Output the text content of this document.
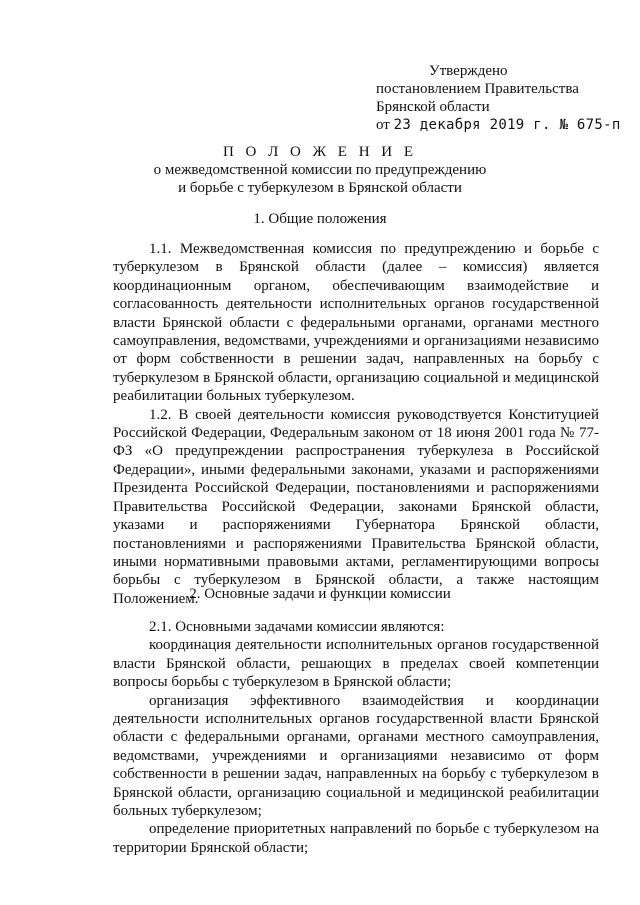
Утверждено
постановлением Правительства
Брянской области
от 23 декабря 2019 г. № 675-п
П О Л О Ж Е Н И Е
о межведомственной комиссии по предупреждению
и борьбе с туберкулезом в Брянской области
1. Общие положения

1.1. Межведомственная комиссия по предупреждению и борьбе с туберкулезом в Брянской области (далее – комиссия) является координационным органом, обеспечивающим взаимодействие и согласованность деятельности исполнительных органов государственной власти Брянской области с федеральными органами, органами местного самоуправления, ведомствами, учреждениями и организациями независимо от форм собственности в решении задач, направленных на борьбу с туберкулезом в Брянской области, организацию социальной и медицинской реабилитации больных туберкулезом.

1.2. В своей деятельности комиссия руководствуется Конституцией Российской Федерации, Федеральным законом от 18 июня 2001 года № 77-ФЗ «О предупреждении распространения туберкулеза в Российской Федерации», иными федеральными законами, указами и распоряжениями Президента Российской Федерации, постановлениями и распоряжениями Правительства Российской Федерации, законами Брянской области, указами и распоряжениями Губернатора Брянской области, постановлениями и распоряжениями Правительства Брянской области, иными нормативными правовыми актами, регламентирующими вопросы борьбы с туберкулезом в Брянской области, а также настоящим Положением.

2. Основные задачи и функции комиссии

2.1. Основными задачами комиссии являются:

координация деятельности исполнительных органов государственной власти Брянской области, решающих в пределах своей компетенции вопросы борьбы с туберкулезом в Брянской области;

организация эффективного взаимодействия и координации деятельности исполнительных органов государственной власти Брянской области с федеральными органами, органами местного самоуправления, ведомствами, учреждениями и организациями независимо от форм собственности в решении задач, направленных на борьбу с туберкулезом в Брянской области, организацию социальной и медицинской реабилитации больных туберкулезом;

определение приоритетных направлений по борьбе с туберкулезом на территории Брянской области;
